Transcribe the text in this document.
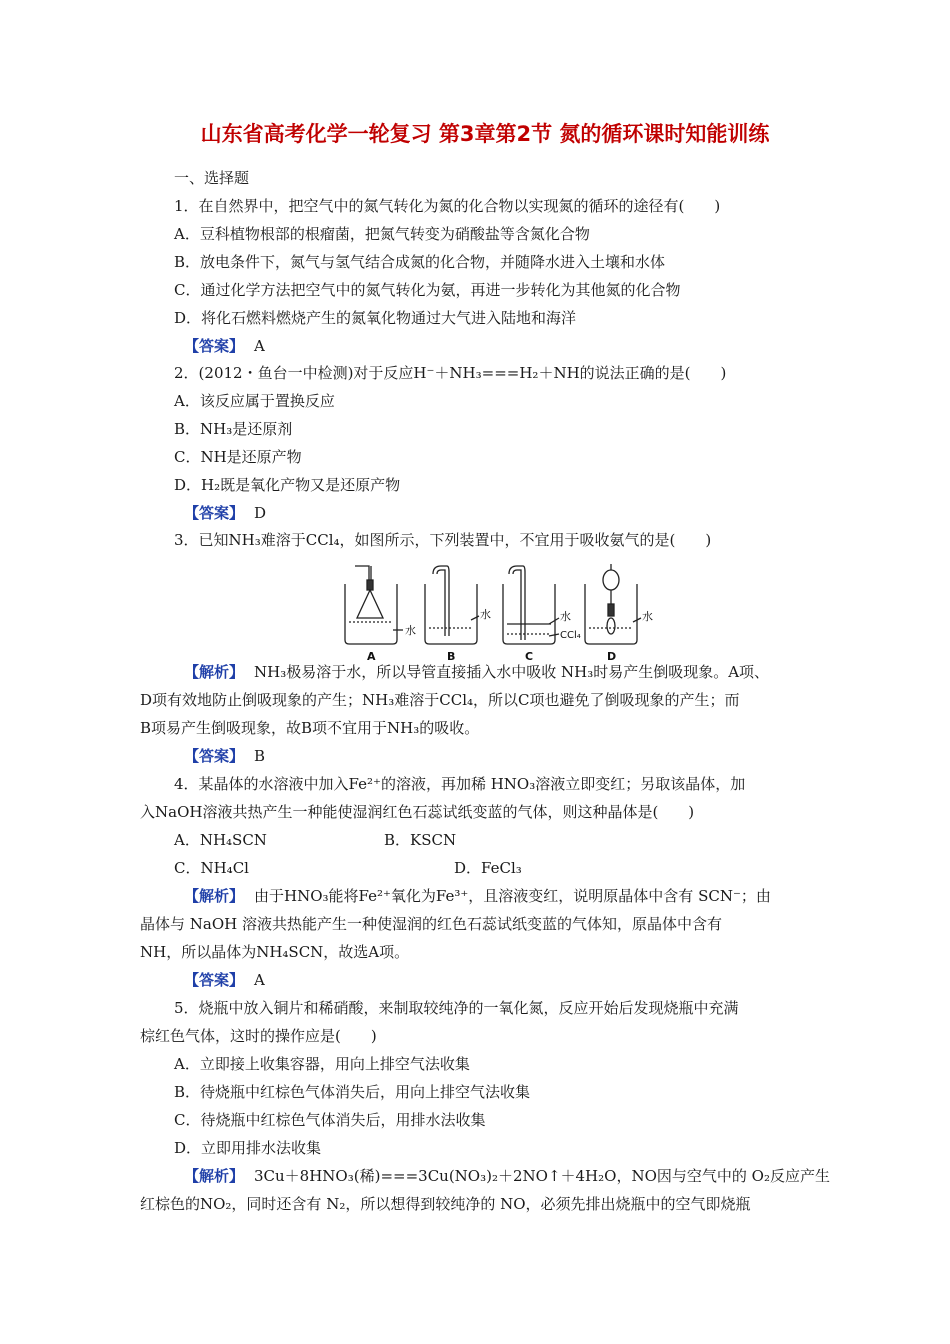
山东省高考化学一轮复习 第3章第2节 氮的循环课时知能训练
一、选择题
1．在自然界中，把空气中的氮气转化为氮的化合物以实现氮的循环的途径有(　　)
A．豆科植物根部的根瘤菌，把氮气转变为硝酸盐等含氮化合物
B．放电条件下，氮气与氢气结合成氮的化合物，并随降水进入土壤和水体
C．通过化学方法把空气中的氮气转化为氨，再进一步转化为其他氮的化合物
D．将化石燃料燃烧产生的氮氧化物通过大气进入陆地和海洋
【答案】 A
2．(2012・鱼台一中检测)对于反应H⁻＋NH₃===H₂＋NH的说法正确的是(　　)
A．该反应属于置换反应
B．NH₃是还原剂
C．NH是还原产物
D．H₂既是氧化产物又是还原产物
【答案】 D
3．已知NH₃难溶于CCl₄，如图所示，下列装置中，不宜用于吸收氨气的是(　　)
水
水	水
CCl₄
水
A	B	C	D
【解析】 NH₃极易溶于水，所以导管直接插入水中吸收 NH₃时易产生倒吸现象。A项、
D项有效地防止倒吸现象的产生；NH₃难溶于CCl₄，所以C项也避免了倒吸现象的产生；而
B项易产生倒吸现象，故B项不宜用于NH₃的吸收。
【答案】 B
4．某晶体的水溶液中加入Fe²⁺的溶液，再加稀 HNO₃溶液立即变红；另取该晶体，加
入NaOH溶液共热产生一种能使湿润红色石蕊试纸变蓝的气体，则这种晶体是(　　)
A．NH₄SCN	B．KSCN
C．NH₄Cl	D．FeCl₃
【解析】 由于HNO₃能将Fe²⁺氧化为Fe³⁺，且溶液变红，说明原晶体中含有 SCN⁻；由
晶体与 NaOH 溶液共热能产生一种使湿润的红色石蕊试纸变蓝的气体知，原晶体中含有
NH，所以晶体为NH₄SCN，故选A项。
【答案】 A
5．烧瓶中放入铜片和稀硝酸，来制取较纯净的一氧化氮，反应开始后发现烧瓶中充满
棕红色气体，这时的操作应是(　　)
A．立即接上收集容器，用向上排空气法收集
B．待烧瓶中红棕色气体消失后，用向上排空气法收集
C．待烧瓶中红棕色气体消失后，用排水法收集
D．立即用排水法收集
【解析】 3Cu＋8HNO₃(稀)===3Cu(NO₃)₂＋2NO↑＋4H₂O，NO因与空气中的 O₂反应产生
红棕色的NO₂，同时还含有 N₂，所以想得到较纯净的 NO，必须先排出烧瓶中的空气即烧瓶
